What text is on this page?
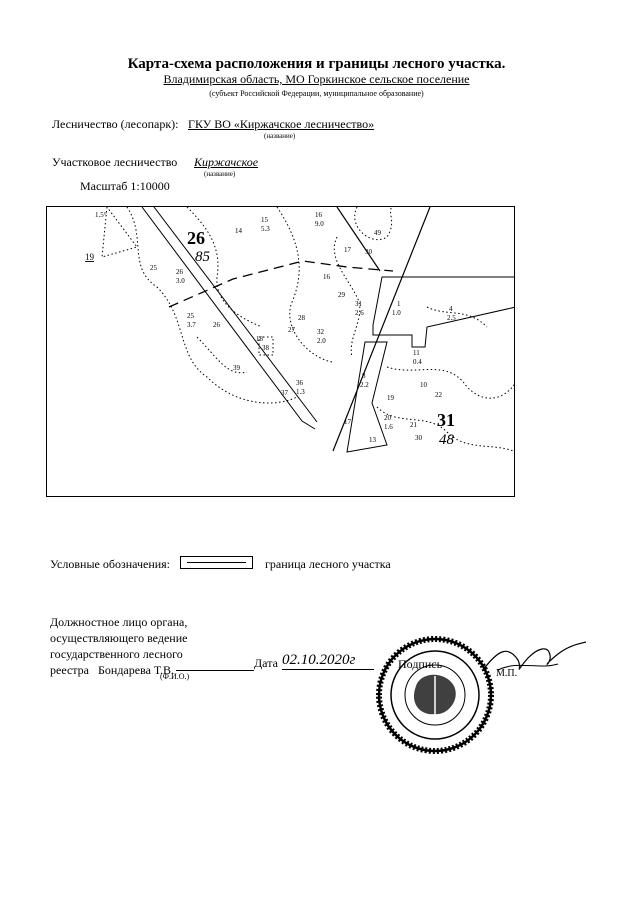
Карта-схема расположения и границы лесного участка.
Владимирская область, МО Горкинское сельское поселение
(субъект Российской Федерации, муниципальное образование)
Лесничество (лесопарк): ГКУ ВО «Киржачское лесничество»
(название)
Участковое лесничество Киржачское
(название)
Масштаб 1:10000
26
85
31
48
1.5°
19
14
15
5.3
16
9.0
49
17 30
25	26
3.0	16
29
1
1.0	4
2.5
25
3.7 26
28
27	32
2.0
31
2.6
18
38
11
0.4
39
36
1.3
37
8
2.2
19
10
22
20
1.6 21
17
13	30
Условные обозначения:	граница лесного участка
Должностное лицо органа,
осуществляющего ведение
государственного лесного
реестра Бондарева Т.В.
(Ф.И.О.)
Дата 02.10.2020г	Подпись
М.П.
